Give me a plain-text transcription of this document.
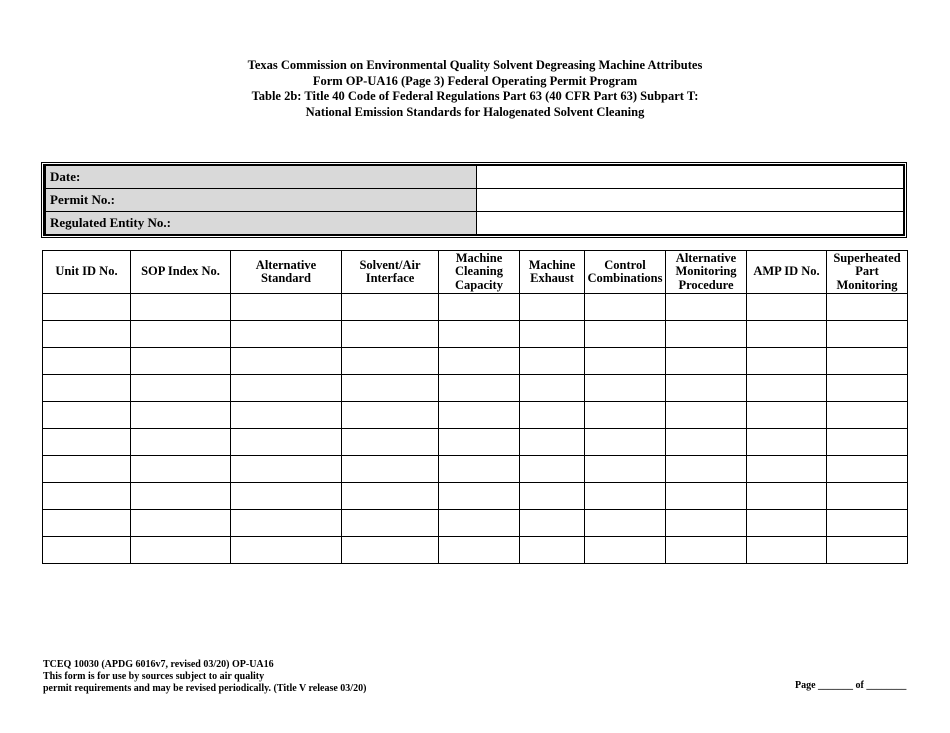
Texas Commission on Environmental Quality Solvent Degreasing Machine Attributes
Form OP-UA16 (Page 3) Federal Operating Permit Program
Table 2b: Title 40 Code of Federal Regulations Part 63 (40 CFR Part 63) Subpart T:
National Emission Standards for Halogenated Solvent Cleaning
Date:	
Permit No.:	
Regulated Entity No.:	
Unit ID No.	SOP Index No.	Alternative Standard	Solvent/Air Interface	Machine Cleaning Capacity	Machine Exhaust	Control Combinations	Alternative Monitoring Procedure	AMP ID No.	Superheated Part Monitoring

TCEQ 10030 (APDG 6016v7, revised 03/20) OP-UA16
This form is for use by sources subject to air quality
permit requirements and may be revised periodically. (Title V release 03/20)	Page _______ of ________
